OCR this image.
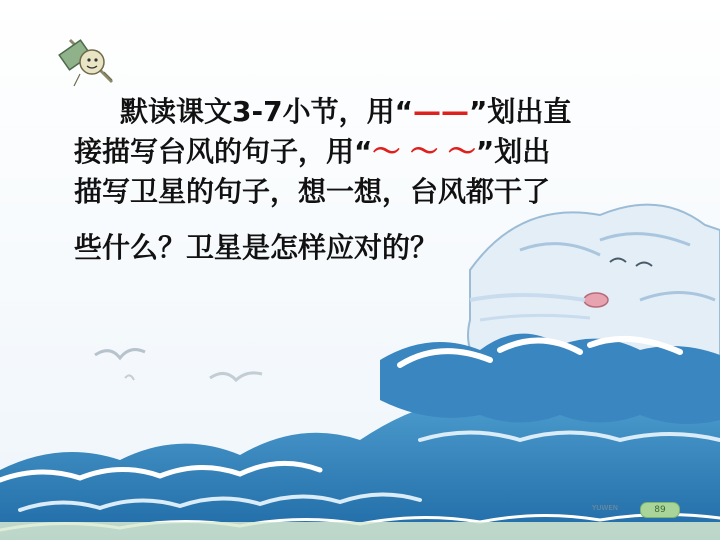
默读课文3-7小节，用“——”划出直
接描写台风的句子，用“～ ～ ～”划出
描写卫星的句子，想一想，台风都干了
些什么？卫星是怎样应对的？
YUWEN	89
